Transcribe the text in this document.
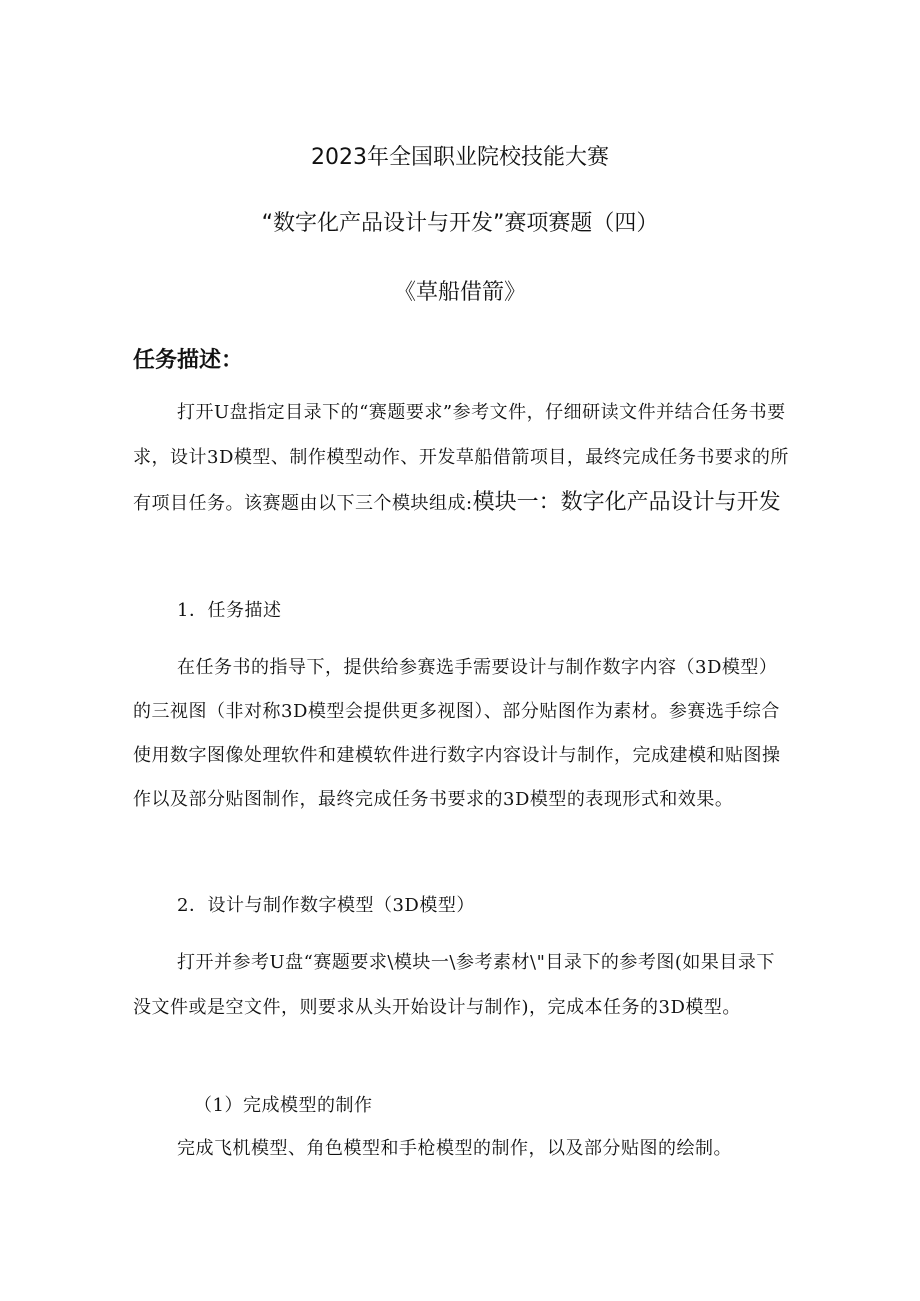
2023年全国职业院校技能大赛
“数字化产品设计与开发”赛项赛题（四）
《草船借箭》
任务描述：

打开U盘指定目录下的“赛题要求”参考文件，仔细研读文件并结合任务书要求，设计3D模型、制作模型动作、开发草船借箭项目，最终完成任务书要求的所有项目任务。该赛题由以下三个模块组成:模块一：数字化产品设计与开发

1．任务描述

在任务书的指导下，提供给参赛选手需要设计与制作数字内容（3D模型）的三视图（非对称3D模型会提供更多视图）、部分贴图作为素材。参赛选手综合使用数字图像处理软件和建模软件进行数字内容设计与制作，完成建模和贴图操作以及部分贴图制作，最终完成任务书要求的3D模型的表现形式和效果。

2．设计与制作数字模型（3D模型）

打开并参考U盘“赛题要求\模块一\参考素材\"目录下的参考图(如果目录下没文件或是空文件，则要求从头开始设计与制作)，完成本任务的3D模型。

（1）完成模型的制作

完成飞机模型、角色模型和手枪模型的制作，以及部分贴图的绘制。
